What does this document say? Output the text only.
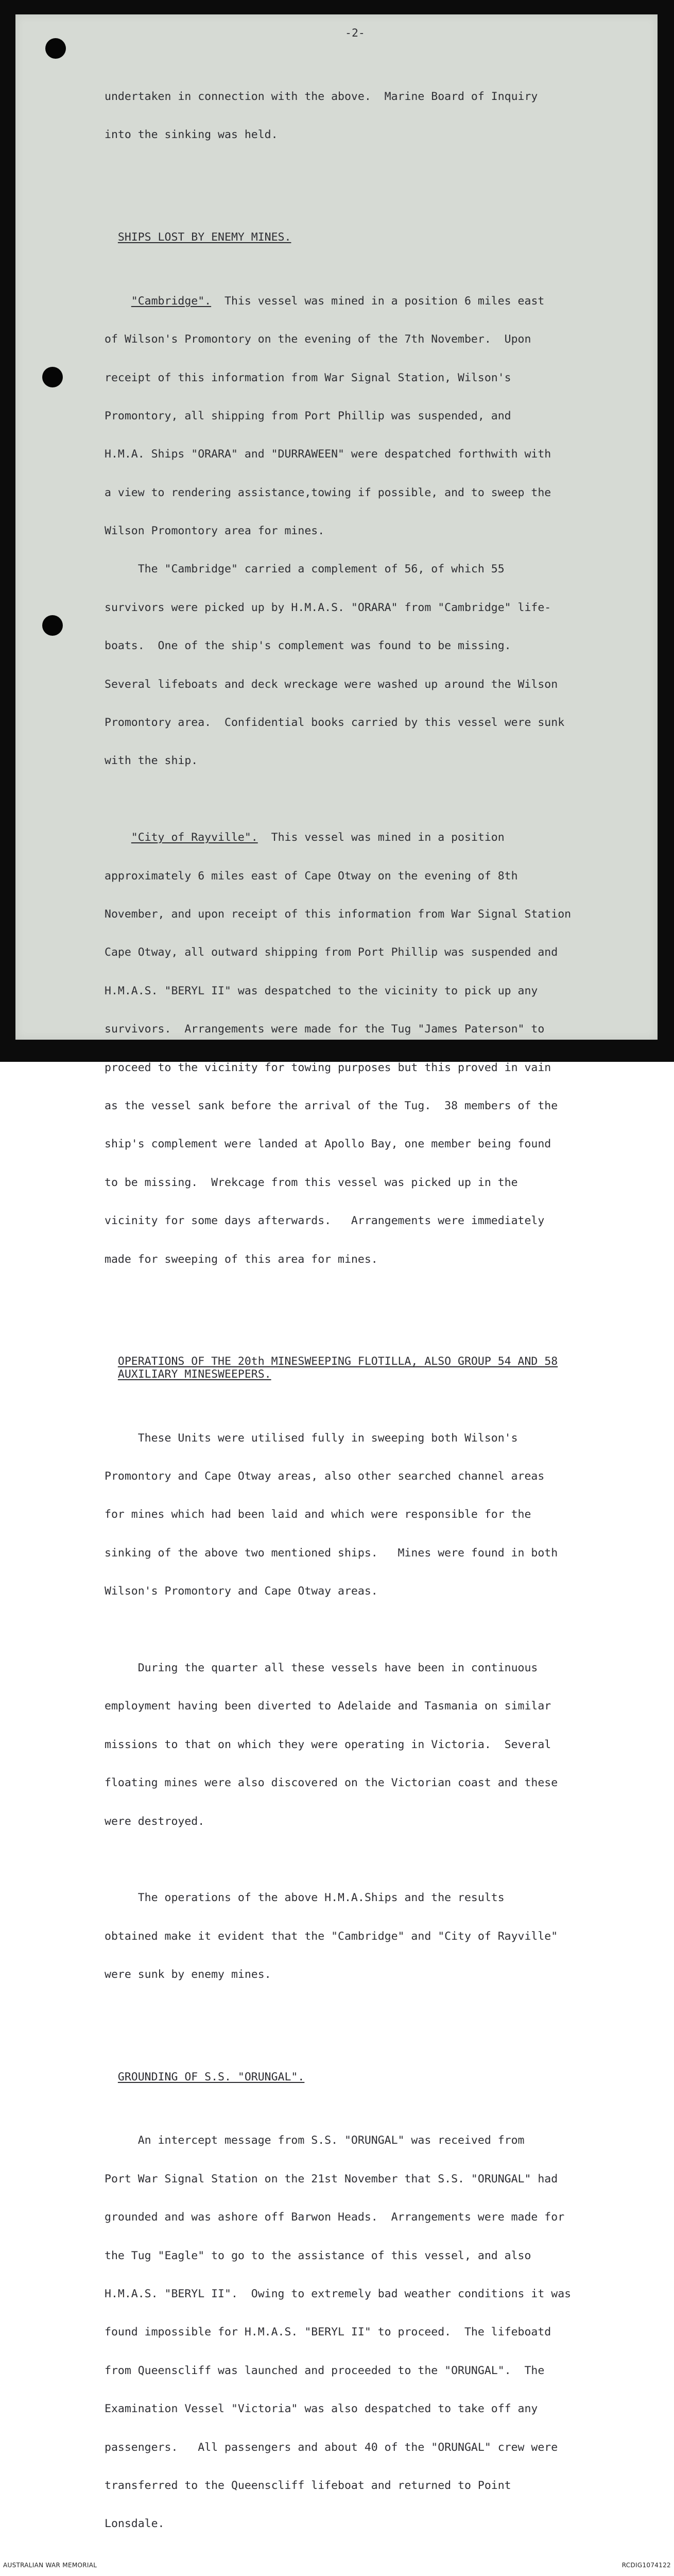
-2-

undertaken in connection with the above.  Marine Board of Inquiry

into the sinking was held.

SHIPS LOST BY ENEMY MINES.

"Cambridge".  This vessel was mined in a position 6 miles east

of Wilson's Promontory on the evening of the 7th November.  Upon

receipt of this information from War Signal Station, Wilson's

Promontory, all shipping from Port Phillip was suspended, and

H.M.A. Ships "ORARA" and "DURRAWEEN" were despatched forthwith with

a view to rendering assistance,towing if possible, and to sweep the

Wilson Promontory area for mines.

The "Cambridge" carried a complement of 56, of which 55

survivors were picked up by H.M.A.S. "ORARA" from "Cambridge" life-

boats.  One of the ship's complement was found to be missing.

Several lifeboats and deck wreckage were washed up around the Wilson

Promontory area.  Confidential books carried by this vessel were sunk

with the ship.

"City of Rayville".  This vessel was mined in a position

approximately 6 miles east of Cape Otway on the evening of 8th

November, and upon receipt of this information from War Signal Station

Cape Otway, all outward shipping from Port Phillip was suspended and

H.M.A.S. "BERYL II" was despatched to the vicinity to pick up any

survivors.  Arrangements were made for the Tug "James Paterson" to

proceed to the vicinity for towing purposes but this proved in vain

as the vessel sank before the arrival of the Tug.  38 members of the

ship's complement were landed at Apollo Bay, one member being found

to be missing.  Wrekcage from this vessel was picked up in the

vicinity for some days afterwards.   Arrangements were immediately

made for sweeping of this area for mines.

OPERATIONS OF THE 20th MINESWEEPING FLOTILLA, ALSO GROUP 54 AND 58
AUXILIARY MINESWEEPERS.

These Units were utilised fully in sweeping both Wilson's

Promontory and Cape Otway areas, also other searched channel areas

for mines which had been laid and which were responsible for the

sinking of the above two mentioned ships.   Mines were found in both

Wilson's Promontory and Cape Otway areas.

During the quarter all these vessels have been in continuous

employment having been diverted to Adelaide and Tasmania on similar

missions to that on which they were operating in Victoria.  Several

floating mines were also discovered on the Victorian coast and these

were destroyed.

The operations of the above H.M.A.Ships and the results

obtained make it evident that the "Cambridge" and "City of Rayville"

were sunk by enemy mines.

GROUNDING OF S.S. "ORUNGAL".

An intercept message from S.S. "ORUNGAL" was received from

Port War Signal Station on the 21st November that S.S. "ORUNGAL" had

grounded and was ashore off Barwon Heads.  Arrangements were made for

the Tug "Eagle" to go to the assistance of this vessel, and also

H.M.A.S. "BERYL II".  Owing to extremely bad weather conditions it was

found impossible for H.M.A.S. "BERYL II" to proceed.  The lifeboatd

from Queenscliff was launched and proceeded to the "ORUNGAL".  The

Examination Vessel "Victoria" was also despatched to take off any

passengers.   All passengers and about 40 of the "ORUNGAL" crew were

transferred to the Queenscliff lifeboat and returned to Point

Lonsdale.

AUSTRALIAN WAR MEMORIAL	RCDIG1074122
